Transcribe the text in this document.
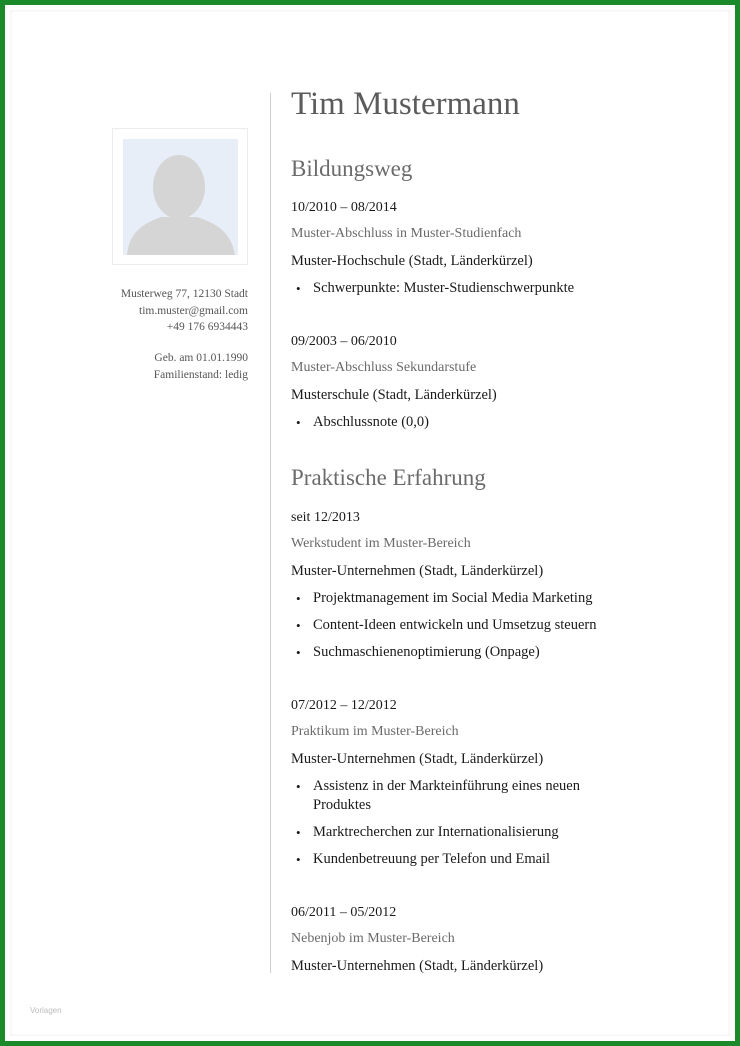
Musterweg 77, 12130 Stadt
tim.muster@gmail.com
+49 176 6934443
Geb. am 01.01.1990
Familienstand: ledig
Tim Mustermann
Bildungsweg
10/2010 – 08/2014
Muster-Abschluss in Muster-Studienfach
Muster-Hochschule (Stadt, Länderkürzel)
• Schwerpunkte: Muster-Studienschwerpunkte
09/2003 – 06/2010
Muster-Abschluss Sekundarstufe
Musterschule (Stadt, Länderkürzel)
• Abschlussnote (0,0)
Praktische Erfahrung
seit 12/2013
Werkstudent im Muster-Bereich
Muster-Unternehmen (Stadt, Länderkürzel)
• Projektmanagement im Social Media Marketing
• Content-Ideen entwickeln und Umsetzug steuern
• Suchmaschienenoptimierung (Onpage)
07/2012 – 12/2012
Praktikum im Muster-Bereich
Muster-Unternehmen (Stadt, Länderkürzel)
• Assistenz in der Markteinführung eines neuen Produktes
• Marktrecherchen zur Internationalisierung
• Kundenbetreuung per Telefon und Email
06/2011 – 05/2012
Nebenjob im Muster-Bereich
Muster-Unternehmen (Stadt, Länderkürzel)
Vorlagen
